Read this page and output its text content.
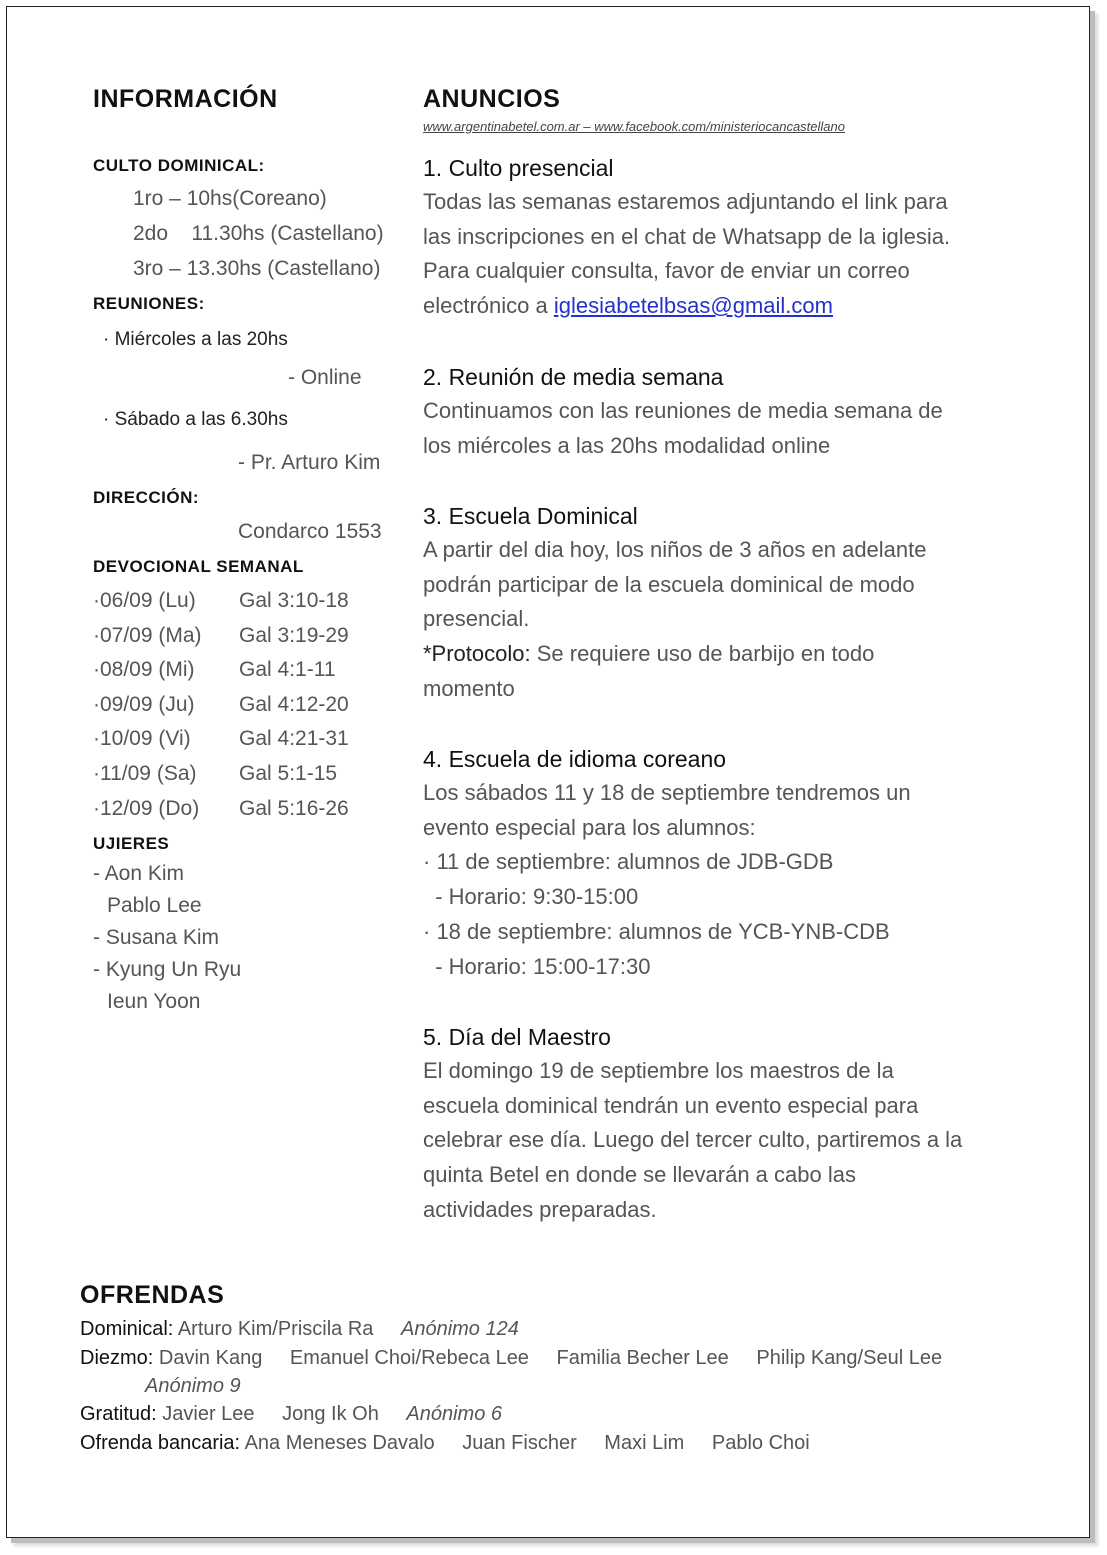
INFORMACIÓN
CULTO DOMINICAL:
1ro – 10hs(Coreano)
2do    11.30hs (Castellano)
3ro – 13.30hs (Castellano)
REUNIONES:
· Miércoles a las 20hs
- Online
· Sábado a las 6.30hs
- Pr. Arturo Kim
DIRECCIÓN:
Condarco 1553
DEVOCIONAL SEMANAL
UJIERES
- Aon Kim
Pablo Lee
- Susana Kim
- Kyung Un Ryu
Ieun Yoon
ANUNCIOS
www.argentinabetel.com.ar – www.facebook.com/ministeriocancastellano
1. Culto presencial
Todas las semanas estaremos adjuntando el link para
las inscripciones en el chat de Whatsapp de la iglesia.
Para cualquier consulta, favor de enviar un correo
electrónico a iglesiabetelbsas@gmail.com
2. Reunión de media semana
Continuamos con las reuniones de media semana de
los miércoles a las 20hs modalidad online
3. Escuela Dominical
A partir del dia hoy, los niños de 3 años en adelante
podrán participar de la escuela dominical de modo
presencial.
*Protocolo: Se requiere uso de barbijo en todo
momento
4. Escuela de idioma coreano
Los sábados 11 y 18 de septiembre tendremos un
evento especial para los alumnos:
· 11 de septiembre: alumnos de JDB-GDB
- Horario: 9:30-15:00
· 18 de septiembre: alumnos de YCB-YNB-CDB
- Horario: 15:00-17:30
5. Día del Maestro
El domingo 19 de septiembre los maestros de la
escuela dominical tendrán un evento especial para
celebrar ese día. Luego del tercer culto, partiremos a la
quinta Betel en donde se llevarán a cabo las
actividades preparadas.
OFRENDAS
Dominical: Arturo Kim/Priscila Ra Anónimo 124
Diezmo: Davin Kang Emanuel Choi/Rebeca Lee Familia Becher Lee Philip Kang/Seul Lee
Anónimo 9
Gratitud: Javier Lee Jong Ik Oh Anónimo 6
Ofrenda bancaria: Ana Meneses Davalo Juan Fischer Maxi Lim Pablo Choi
·06/09 (Lu) Gal 3:10-18
·07/09 (Ma) Gal 3:19-29
·08/09 (Mi) Gal 4:1-11
·09/09 (Ju) Gal 4:12-20
·10/09 (Vi) Gal 4:21-31
·11/09 (Sa) Gal 5:1-15
·12/09 (Do) Gal 5:16-26
